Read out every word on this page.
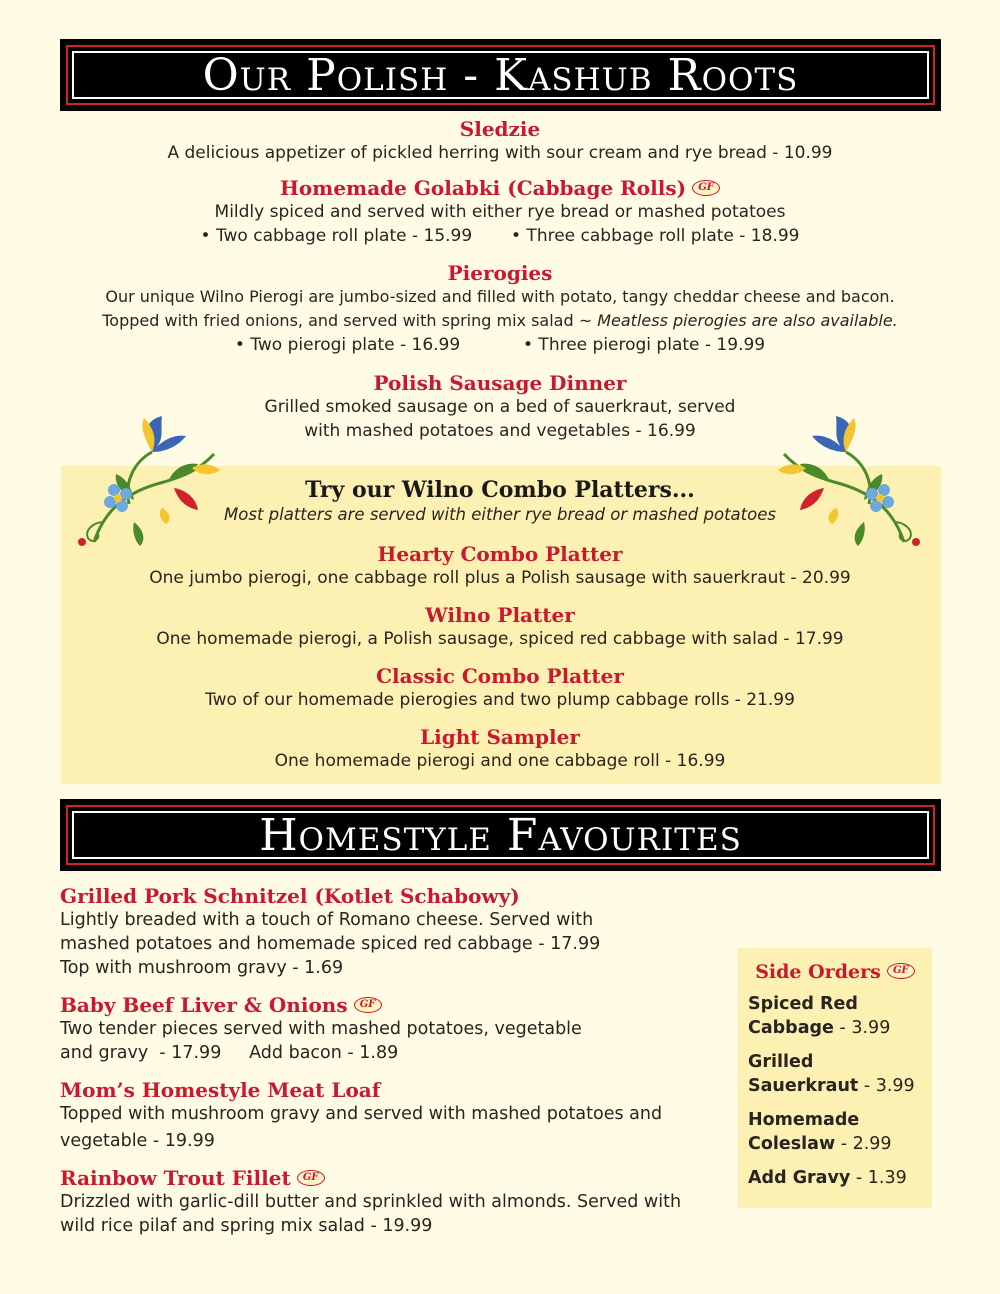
Our Polish - Kashub Roots
Sledzie
A delicious appetizer of pickled herring with sour cream and rye bread - 10.99
Homemade Golabki (Cabbage Rolls) GF
Mildly spiced and served with either rye bread or mashed potatoes
• Two cabbage roll plate - 15.99 • Three cabbage roll plate - 18.99
Pierogies
Our unique Wilno Pierogi are jumbo-sized and filled with potato, tangy cheddar cheese and bacon.
Topped with fried onions, and served with spring mix salad ~ Meatless pierogies are also available.
• Two pierogi plate - 16.99	• Three pierogi plate - 19.99
Polish Sausage Dinner
Grilled smoked sausage on a bed of sauerkraut, served
with mashed potatoes and vegetables - 16.99
Try our Wilno Combo Platters...
Most platters are served with either rye bread or mashed potatoes
Hearty Combo Platter
One jumbo pierogi, one cabbage roll plus a Polish sausage with sauerkraut - 20.99
Wilno Platter
One homemade pierogi, a Polish sausage, spiced red cabbage with salad - 17.99
Classic Combo Platter
Two of our homemade pierogies and two plump cabbage rolls - 21.99
Light Sampler
One homemade pierogi and one cabbage roll - 16.99
Homestyle Favourites
Grilled Pork Schnitzel (Kotlet Schabowy)
Lightly breaded with a touch of Romano cheese. Served with
mashed potatoes and homemade spiced red cabbage - 17.99
Top with mushroom gravy - 1.69
Baby Beef Liver & Onions GF
Two tender pieces served with mashed potatoes, vegetable
and gravy  - 17.99     Add bacon - 1.89
Mom’s Homestyle Meat Loaf
Topped with mushroom gravy and served with mashed potatoes and
vegetable - 19.99
Rainbow Trout Fillet GF
Drizzled with garlic-dill butter and sprinkled with almonds. Served with
wild rice pilaf and spring mix salad - 19.99
Side Orders GF
Spiced Red
Cabbage - 3.99
Grilled
Sauerkraut - 3.99
Homemade
Coleslaw - 2.99
Add Gravy - 1.39
